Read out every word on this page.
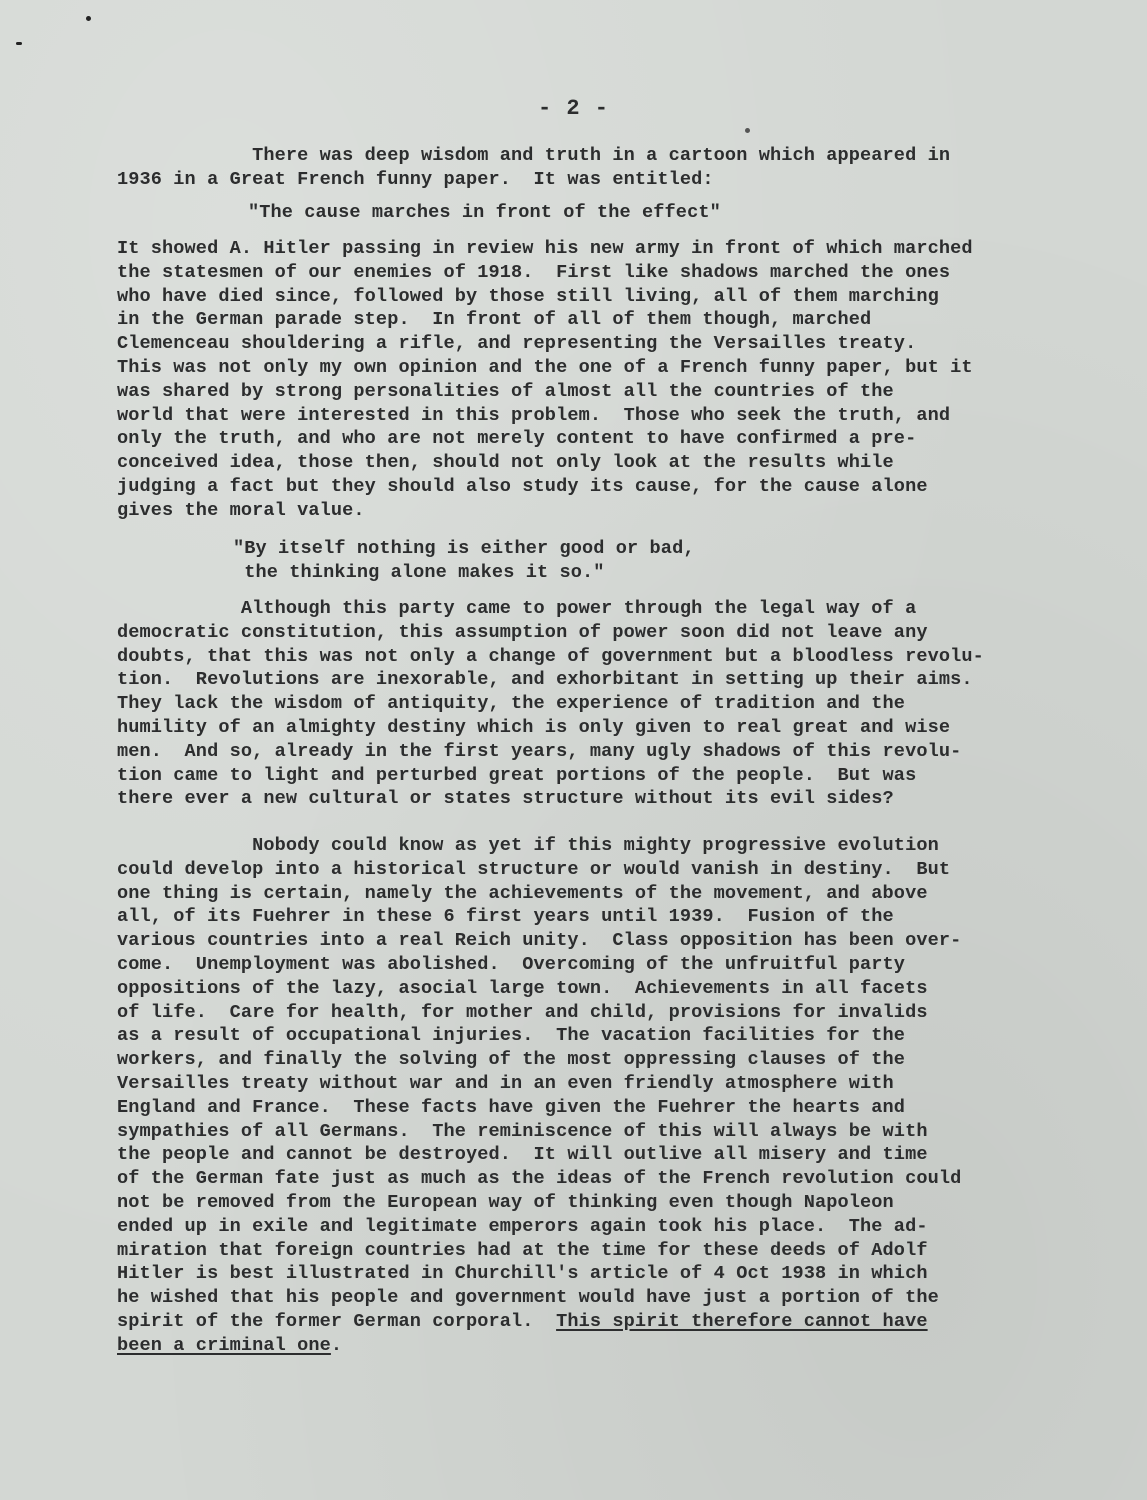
- 2 -

There was deep wisdom and truth in a cartoon which appeared in
1936 in a Great French funny paper.  It was entitled:

"The cause marches in front of the effect"

It showed A. Hitler passing in review his new army in front of which marched
the statesmen of our enemies of 1918.  First like shadows marched the ones
who have died since, followed by those still living, all of them marching
in the German parade step.  In front of all of them though, marched
Clemenceau shouldering a rifle, and representing the Versailles treaty.
This was not only my own opinion and the one of a French funny paper, but it
was shared by strong personalities of almost all the countries of the
world that were interested in this problem.  Those who seek the truth, and
only the truth, and who are not merely content to have confirmed a pre-
conceived idea, those then, should not only look at the results while
judging a fact but they should also study its cause, for the cause alone
gives the moral value.

"By itself nothing is either good or bad,
the thinking alone makes it so."

Although this party came to power through the legal way of a
democratic constitution, this assumption of power soon did not leave any
doubts, that this was not only a change of government but a bloodless revolu-
tion.  Revolutions are inexorable, and exhorbitant in setting up their aims.
They lack the wisdom of antiquity, the experience of tradition and the
humility of an almighty destiny which is only given to real great and wise
men.  And so, already in the first years, many ugly shadows of this revolu-
tion came to light and perturbed great portions of the people.  But was
there ever a new cultural or states structure without its evil sides?

Nobody could know as yet if this mighty progressive evolution
could develop into a historical structure or would vanish in destiny.  But
one thing is certain, namely the achievements of the movement, and above
all, of its Fuehrer in these 6 first years until 1939.  Fusion of the
various countries into a real Reich unity.  Class opposition has been over-
come.  Unemployment was abolished.  Overcoming of the unfruitful party
oppositions of the lazy, asocial large town.  Achievements in all facets
of life.  Care for health, for mother and child, provisions for invalids
as a result of occupational injuries.  The vacation facilities for the
workers, and finally the solving of the most oppressing clauses of the
Versailles treaty without war and in an even friendly atmosphere with
England and France.  These facts have given the Fuehrer the hearts and
sympathies of all Germans.  The reminiscence of this will always be with
the people and cannot be destroyed.  It will outlive all misery and time
of the German fate just as much as the ideas of the French revolution could
not be removed from the European way of thinking even though Napoleon
ended up in exile and legitimate emperors again took his place.  The ad-
miration that foreign countries had at the time for these deeds of Adolf
Hitler is best illustrated in Churchill's article of 4 Oct 1938 in which
he wished that his people and government would have just a portion of the
spirit of the former German corporal.  This spirit therefore cannot have
been a criminal one.
